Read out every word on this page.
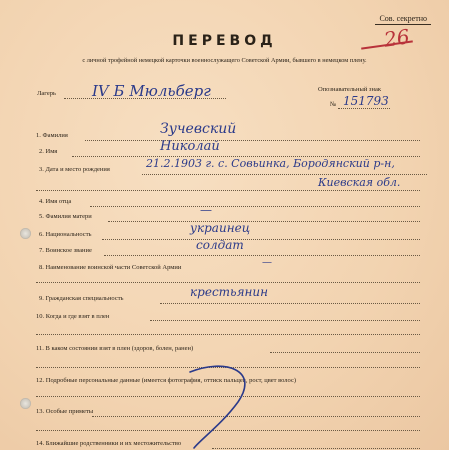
Сов. секретно
26
ПЕРЕВОД
с личной трофейной немецкой карточки военнослужащего Советской Армии, бывшего в немецком плену.
Лагерь IV Б Мюльберг	Опознавательный знак
№ 151793
1. Фамилия	Зучевский
2. Имя	Николай
3. Дата и место рождения	21.2.1903 г. с. Совьинка, Бородянский р-н,
Киевская обл.
4. Имя отца
5. Фамилия матери	—
6. Национальность	украинец
7. Воинское звание	солдат
8. Наименование воинской части Советской Армии	—
9. Гражданская специальность	крестьянин
10. Когда и где взят в плен
11. В каком состоянии взят в плен (здоров, болен, ранен)
12. Подробные персональные данные (имеется фотография, оттиск пальцев, рост, цвет волос)
13. Особые приметы
14. Ближайшие родственники и их местожительство
